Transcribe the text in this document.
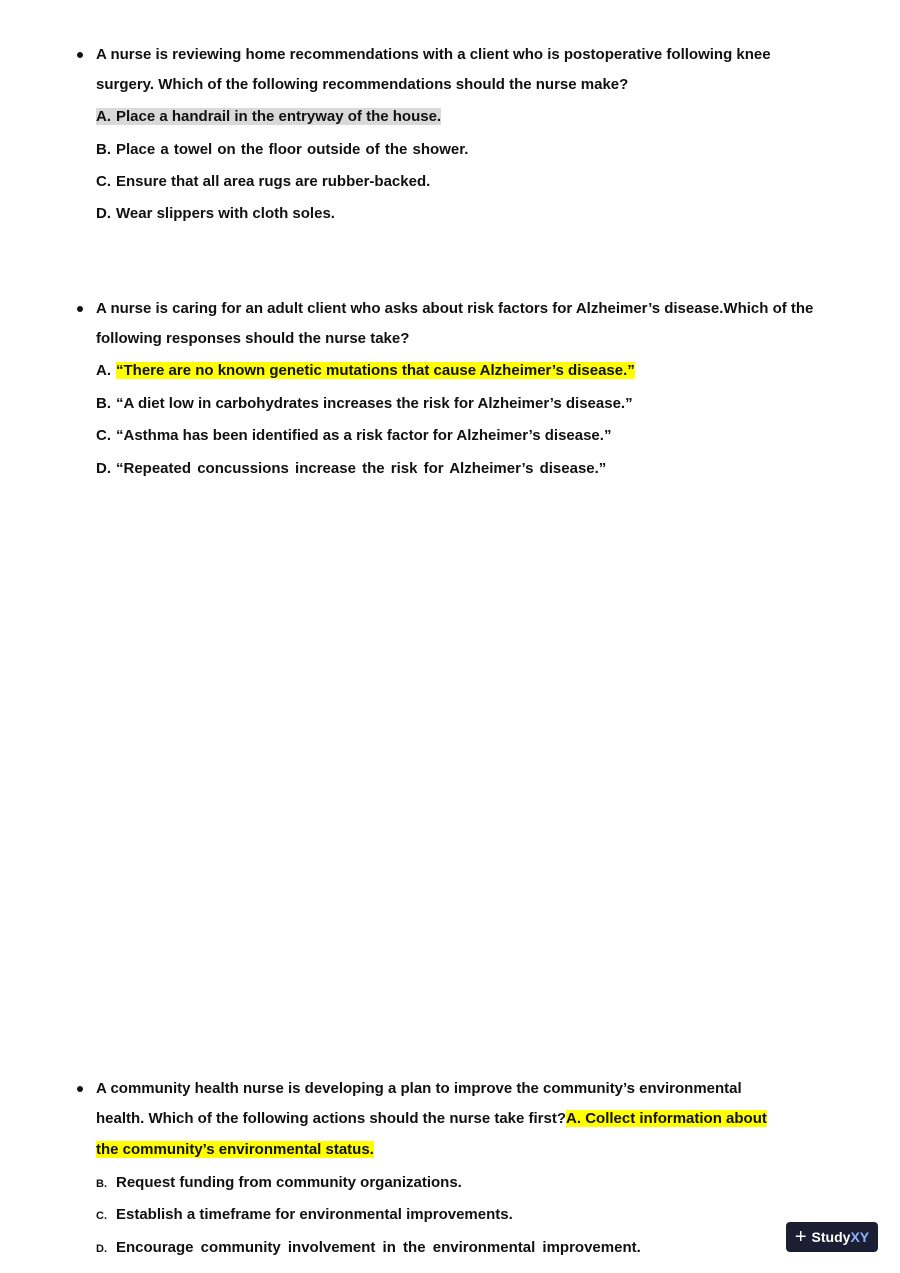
A nurse is reviewing home recommendations with a client who is postoperative following knee
surgery. Which of the following recommendations should the nurse make?
A. Place a handrail in the entryway of the house.
B. Place a towel on the floor outside of the shower.
C. Ensure that all area rugs are rubber-backed.
D. Wear slippers with cloth soles.
A nurse is caring for an adult client who asks about risk factors for Alzheimer’s disease.Which of the
following responses should the nurse take?
A. “There are no known genetic mutations that cause Alzheimer’s disease.”
B. “A diet low in carbohydrates increases the risk for Alzheimer’s disease.”
C. “Asthma has been identified as a risk factor for Alzheimer’s disease.”
D. “Repeated concussions increase the risk for Alzheimer’s disease.”
A community health nurse is developing a plan to improve the community’s environmental
health. Which of the following actions should the nurse take first?A. Collect information about
the community’s environmental status.
B. Request funding from community organizations.
C. Establish a timeframe for environmental improvements.
D. Encourage community involvement in the environmental improvement.	+ Study XY
